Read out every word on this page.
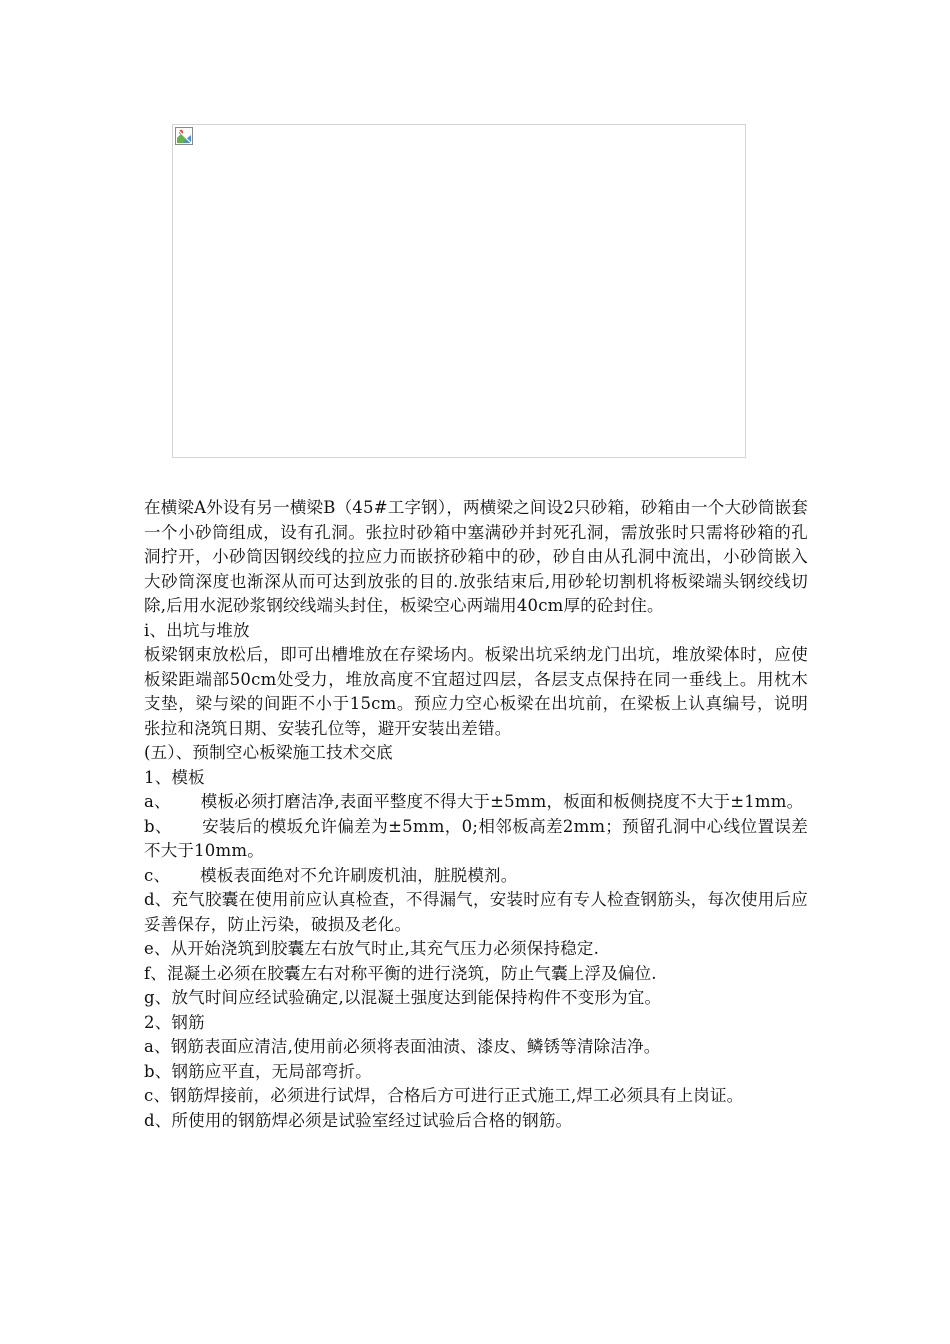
在横梁A外设有另一横梁B（45#工字钢），两横梁之间设2只砂箱，砂箱由一个大砂筒嵌套一个小砂筒组成，设有孔洞。张拉时砂箱中塞满砂并封死孔洞，需放张时只需将砂箱的孔洞拧开，小砂筒因钢绞线的拉应力而嵌挤砂箱中的砂，砂自由从孔洞中流出，小砂筒嵌入大砂筒深度也渐深从而可达到放张的目的.放张结束后,用砂轮切割机将板梁端头钢绞线切除,后用水泥砂浆钢绞线端头封住，板梁空心两端用40cm厚的砼封住。

i、出坑与堆放

板梁钢束放松后，即可出槽堆放在存梁场内。板梁出坑采纳龙门出坑，堆放梁体时，应使板梁距端部50cm处受力，堆放高度不宜超过四层，各层支点保持在同一垂线上。用枕木支垫，梁与梁的间距不小于15cm。预应力空心板梁在出坑前，在梁板上认真编号，说明张拉和浇筑日期、安装孔位等，避开安装出差错。

(五）、预制空心板梁施工技术交底

1、模板

a、 模板必须打磨洁净,表面平整度不得大于±5mm，板面和板侧挠度不大于±1mm。

b、 安装后的模坂允许偏差为±5mm，0;相邻板高差2mm；预留孔洞中心线位置误差不大于10mm。

c、 模板表面绝对不允许刷废机油，脏脱模剂。

d、充气胶囊在使用前应认真检查，不得漏气，安装时应有专人检查钢筋头，每次使用后应妥善保存，防止污染，破损及老化。

e、从开始浇筑到胶囊左右放气时止,其充气压力必须保持稳定.

f、混凝土必须在胶囊左右对称平衡的进行浇筑，防止气囊上浮及偏位.

g、放气时间应经试验确定,以混凝土强度达到能保持构件不变形为宜。

2、钢筋

a、钢筋表面应清洁,使用前必须将表面油渍、漆皮、鳞锈等清除洁净。

b、钢筋应平直，无局部弯折。

c、钢筋焊接前，必须进行试焊，合格后方可进行正式施工,焊工必须具有上岗证。

d、所使用的钢筋焊必须是试验室经过试验后合格的钢筋。
